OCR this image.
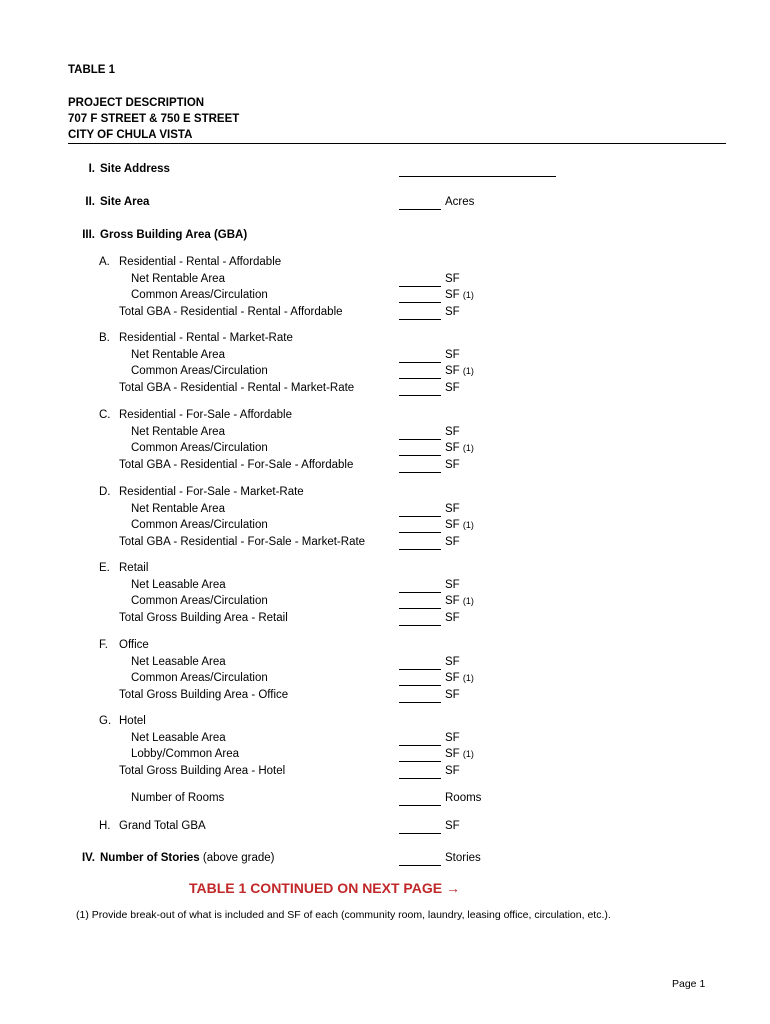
TABLE 1
PROJECT DESCRIPTION
707 F STREET & 750 E STREET
CITY OF CHULA VISTA
I. Site Address
II. Site Area	Acres
III. Gross Building Area (GBA)
A. Residential - Rental - Affordable
Net Rentable Area	SF
Common Areas/Circulation	SF (1)
Total GBA - Residential - Rental - Affordable	SF
B. Residential - Rental - Market-Rate
Net Rentable Area	SF
Common Areas/Circulation	SF (1)
Total GBA - Residential - Rental - Market-Rate	SF
C. Residential - For-Sale - Affordable
Net Rentable Area	SF
Common Areas/Circulation	SF (1)
Total GBA - Residential - For-Sale - Affordable	SF
D. Residential - For-Sale - Market-Rate
Net Rentable Area	SF
Common Areas/Circulation	SF (1)
Total GBA - Residential - For-Sale - Market-Rate	SF
E. Retail
Net Leasable Area	SF
Common Areas/Circulation	SF (1)
Total Gross Building Area - Retail	SF
F. Office
Net Leasable Area	SF
Common Areas/Circulation	SF (1)
Total Gross Building Area - Office	SF
G. Hotel
Net Leasable Area	SF
Lobby/Common Area	SF (1)
Total Gross Building Area - Hotel	SF
Number of Rooms	Rooms
H. Grand Total GBA	SF
IV. Number of Stories (above grade)	Stories
TABLE 1 CONTINUED ON NEXT PAGE →
(1) Provide break-out of what is included and SF of each (community room, laundry, leasing office, circulation, etc.).
Page 1
